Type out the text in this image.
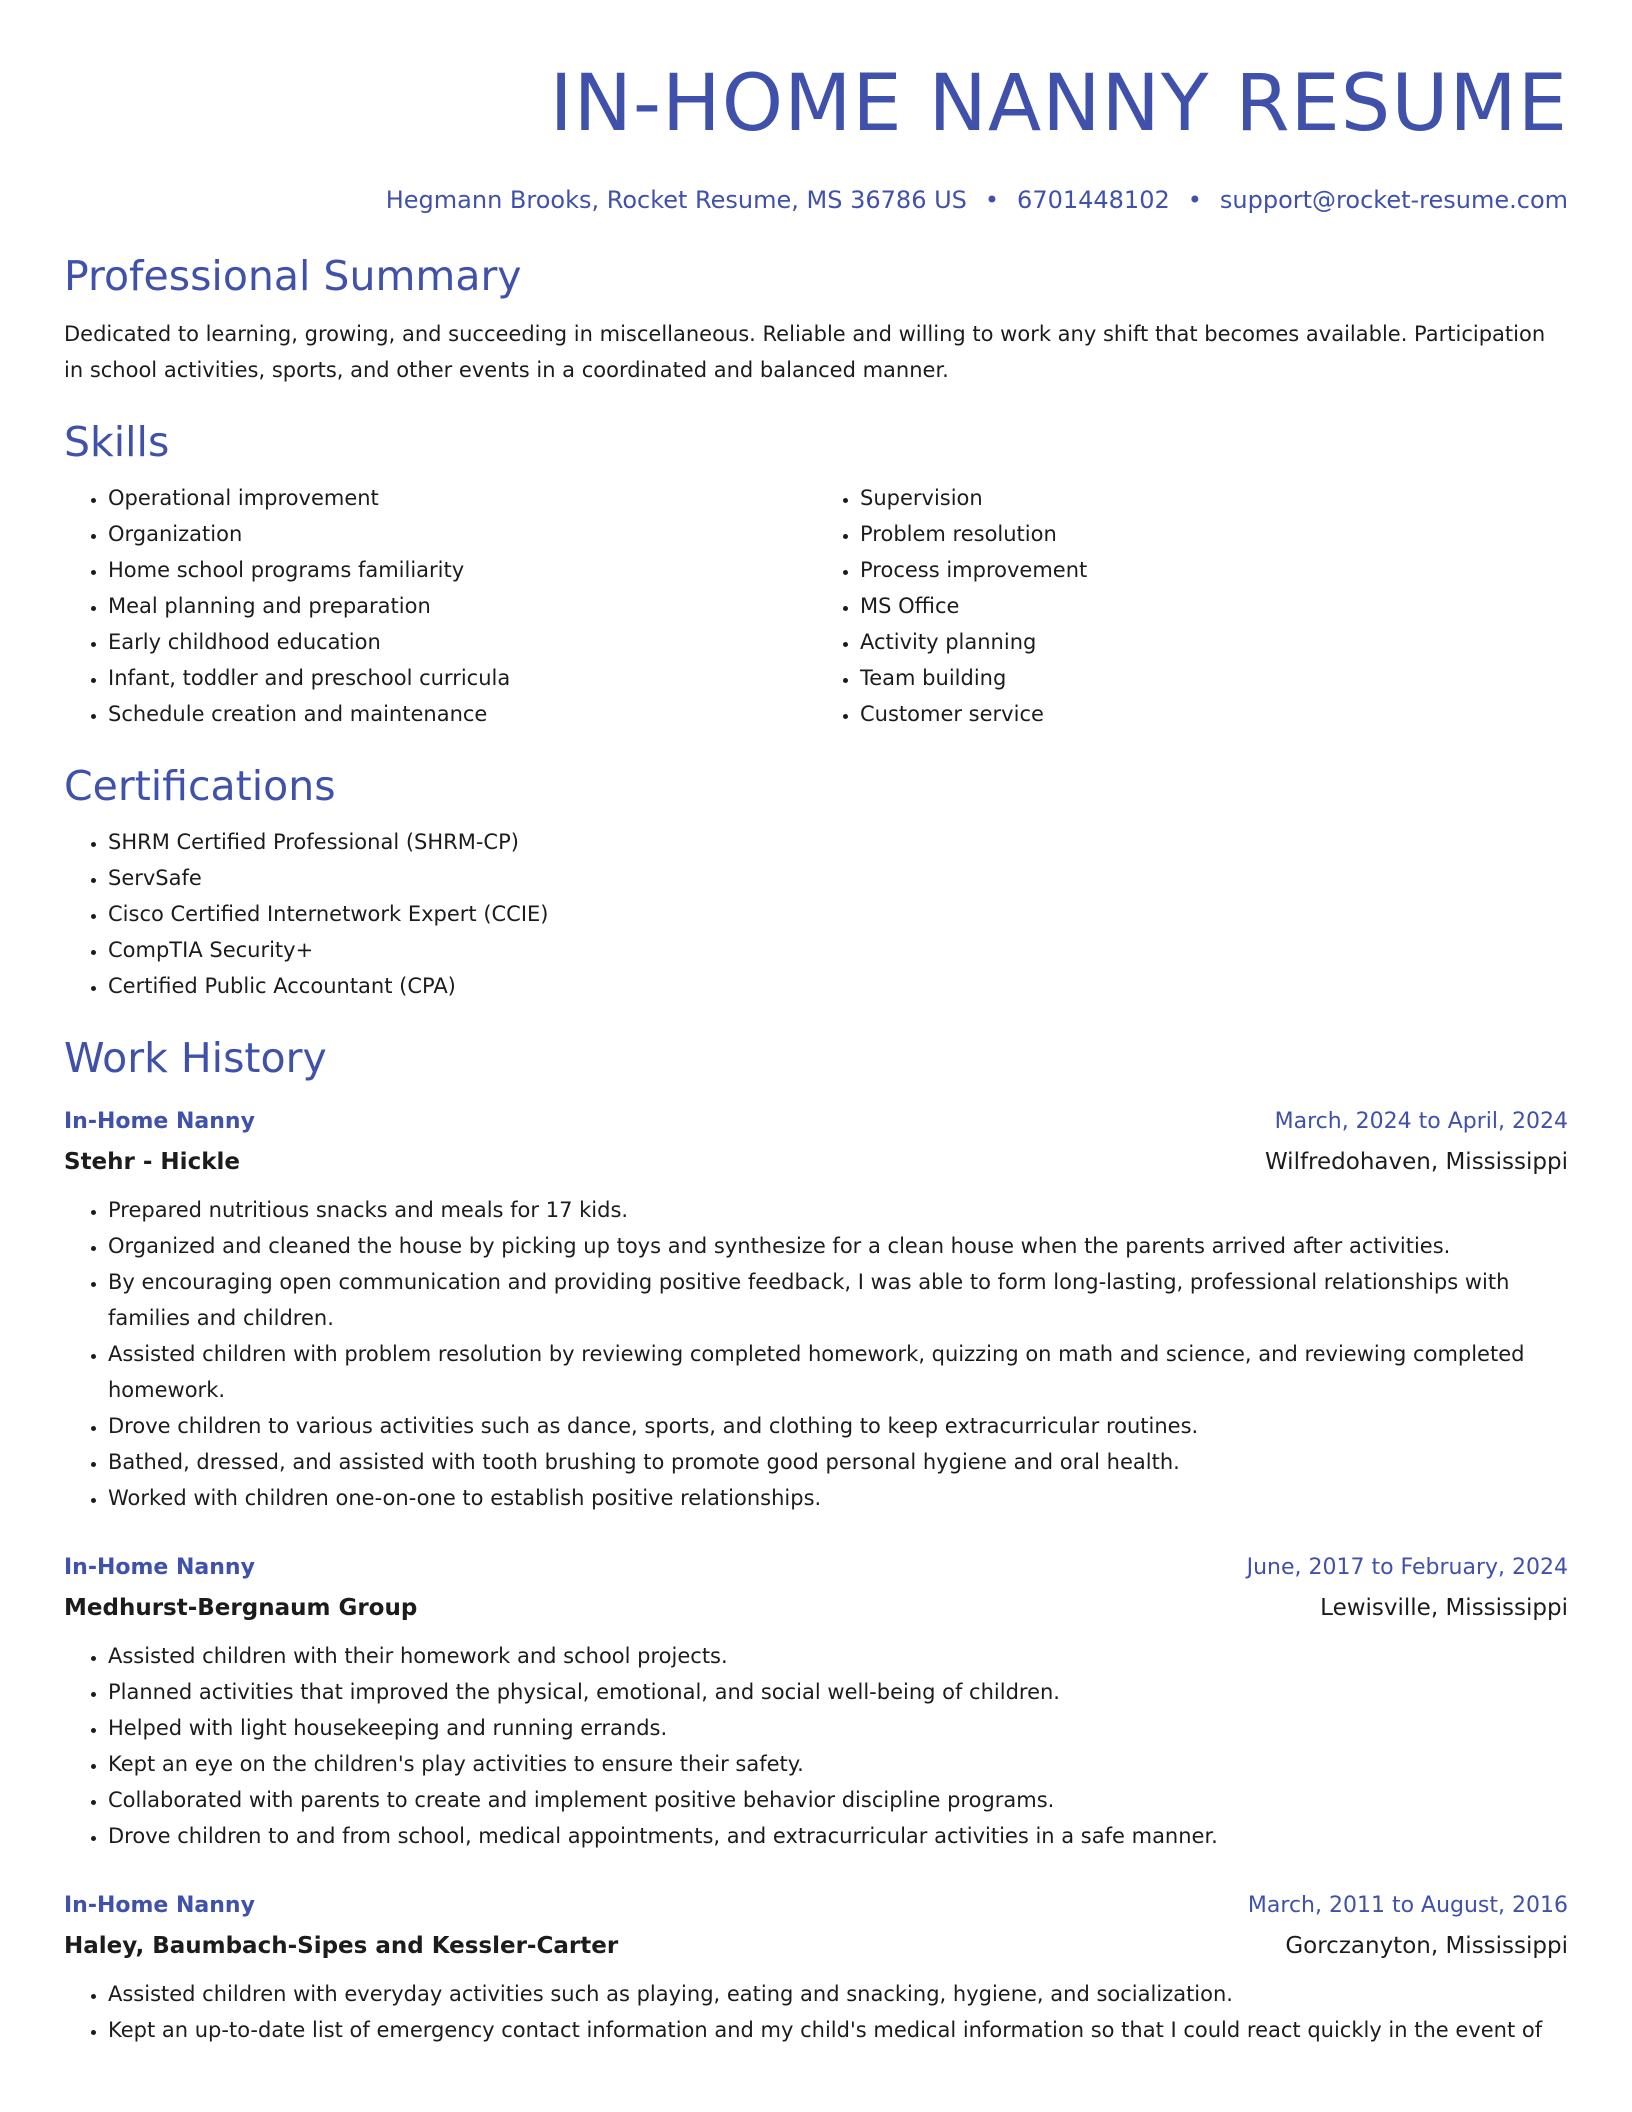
IN-HOME NANNY RESUME
Hegmann Brooks, Rocket Resume, MS 36786 US • 6701448102 • support@rocket-resume.com
Professional Summary

Dedicated to learning, growing, and succeeding in miscellaneous. Reliable and willing to work any shift that becomes available. Participation in school activities, sports, and other events in a coordinated and balanced manner.

Skills
• Operational improvement
• Organization
• Home school programs familiarity
• Meal planning and preparation
• Early childhood education
• Infant, toddler and preschool curricula
• Schedule creation and maintenance
• Supervision
• Problem resolution
• Process improvement
• MS Office
• Activity planning
• Team building
• Customer service
Certifications
• SHRM Certified Professional (SHRM-CP)
• ServSafe
• Cisco Certified Internetwork Expert (CCIE)
• CompTIA Security+
• Certified Public Accountant (CPA)
Work History
In-Home Nanny	March, 2024 to April, 2024
Stehr - Hickle	Wilfredohaven, Mississippi
• Prepared nutritious snacks and meals for 17 kids.
• Organized and cleaned the house by picking up toys and synthesize for a clean house when the parents arrived after activities.
• By encouraging open communication and providing positive feedback, I was able to form long-lasting, professional relationships with families and children.
• Assisted children with problem resolution by reviewing completed homework, quizzing on math and science, and reviewing completed homework.
• Drove children to various activities such as dance, sports, and clothing to keep extracurricular routines.
• Bathed, dressed, and assisted with tooth brushing to promote good personal hygiene and oral health.
• Worked with children one-on-one to establish positive relationships.
In-Home Nanny	June, 2017 to February, 2024
Medhurst-Bergnaum Group	Lewisville, Mississippi
• Assisted children with their homework and school projects.
• Planned activities that improved the physical, emotional, and social well-being of children.
• Helped with light housekeeping and running errands.
• Kept an eye on the children's play activities to ensure their safety.
• Collaborated with parents to create and implement positive behavior discipline programs.
• Drove children to and from school, medical appointments, and extracurricular activities in a safe manner.
In-Home Nanny	March, 2011 to August, 2016
Haley, Baumbach-Sipes and Kessler-Carter	Gorczanyton, Mississippi
• Assisted children with everyday activities such as playing, eating and snacking, hygiene, and socialization.
• Kept an up-to-date list of emergency contact information and my child's medical information so that I could react quickly in the event of
